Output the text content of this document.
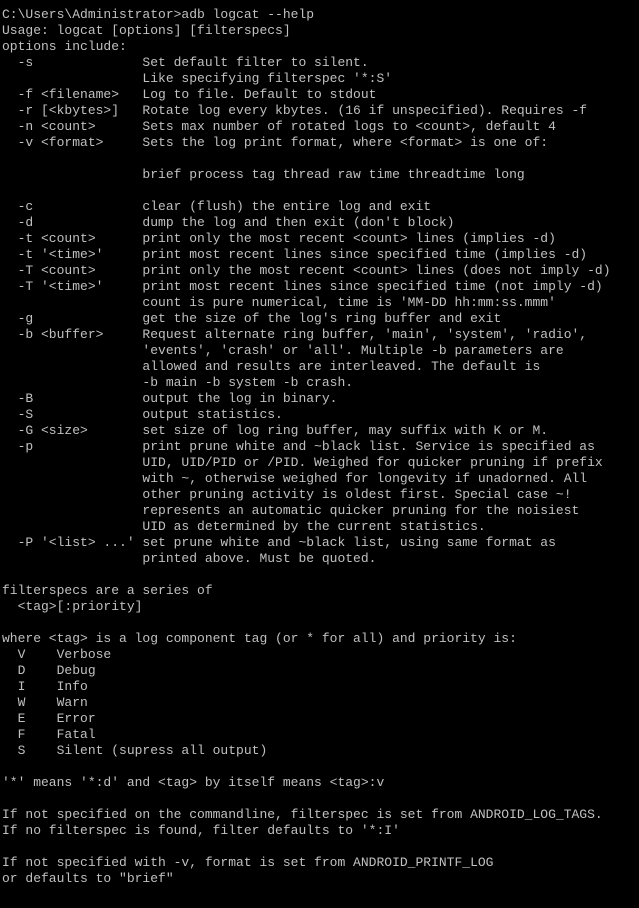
C:\Users\Administrator>adb logcat --help
Usage: logcat [options] [filterspecs]
options include:
-s              Set default filter to silent.
Like specifying filterspec '*:S'
-f <filename>   Log to file. Default to stdout
-r [<kbytes>]   Rotate log every kbytes. (16 if unspecified). Requires -f
-n <count>      Sets max number of rotated logs to <count>, default 4
-v <format>     Sets the log print format, where <format> is one of:
brief process tag thread raw time threadtime long
-c              clear (flush) the entire log and exit
-d              dump the log and then exit (don't block)
-t <count>      print only the most recent <count> lines (implies -d)
-t '<time>'     print most recent lines since specified time (implies -d)
-T <count>      print only the most recent <count> lines (does not imply -d)
-T '<time>'     print most recent lines since specified time (not imply -d)
count is pure numerical, time is 'MM-DD hh:mm:ss.mmm'
-g              get the size of the log's ring buffer and exit
-b <buffer>     Request alternate ring buffer, 'main', 'system', 'radio',
'events', 'crash' or 'all'. Multiple -b parameters are
allowed and results are interleaved. The default is
-b main -b system -b crash.
-B              output the log in binary.
-S              output statistics.
-G <size>       set size of log ring buffer, may suffix with K or M.
-p              print prune white and ~black list. Service is specified as
UID, UID/PID or /PID. Weighed for quicker pruning if prefix
with ~, otherwise weighed for longevity if unadorned. All
other pruning activity is oldest first. Special case ~!
represents an automatic quicker pruning for the noisiest
UID as determined by the current statistics.
-P '<list> ...' set prune white and ~black list, using same format as
printed above. Must be quoted.
filterspecs are a series of
<tag>[:priority]
where <tag> is a log component tag (or * for all) and priority is:
V    Verbose
D    Debug
I    Info
W    Warn
E    Error
F    Fatal
S    Silent (supress all output)
'*' means '*:d' and <tag> by itself means <tag>:v
If not specified on the commandline, filterspec is set from ANDROID_LOG_TAGS.
If no filterspec is found, filter defaults to '*:I'
If not specified with -v, format is set from ANDROID_PRINTF_LOG
or defaults to "brief"
